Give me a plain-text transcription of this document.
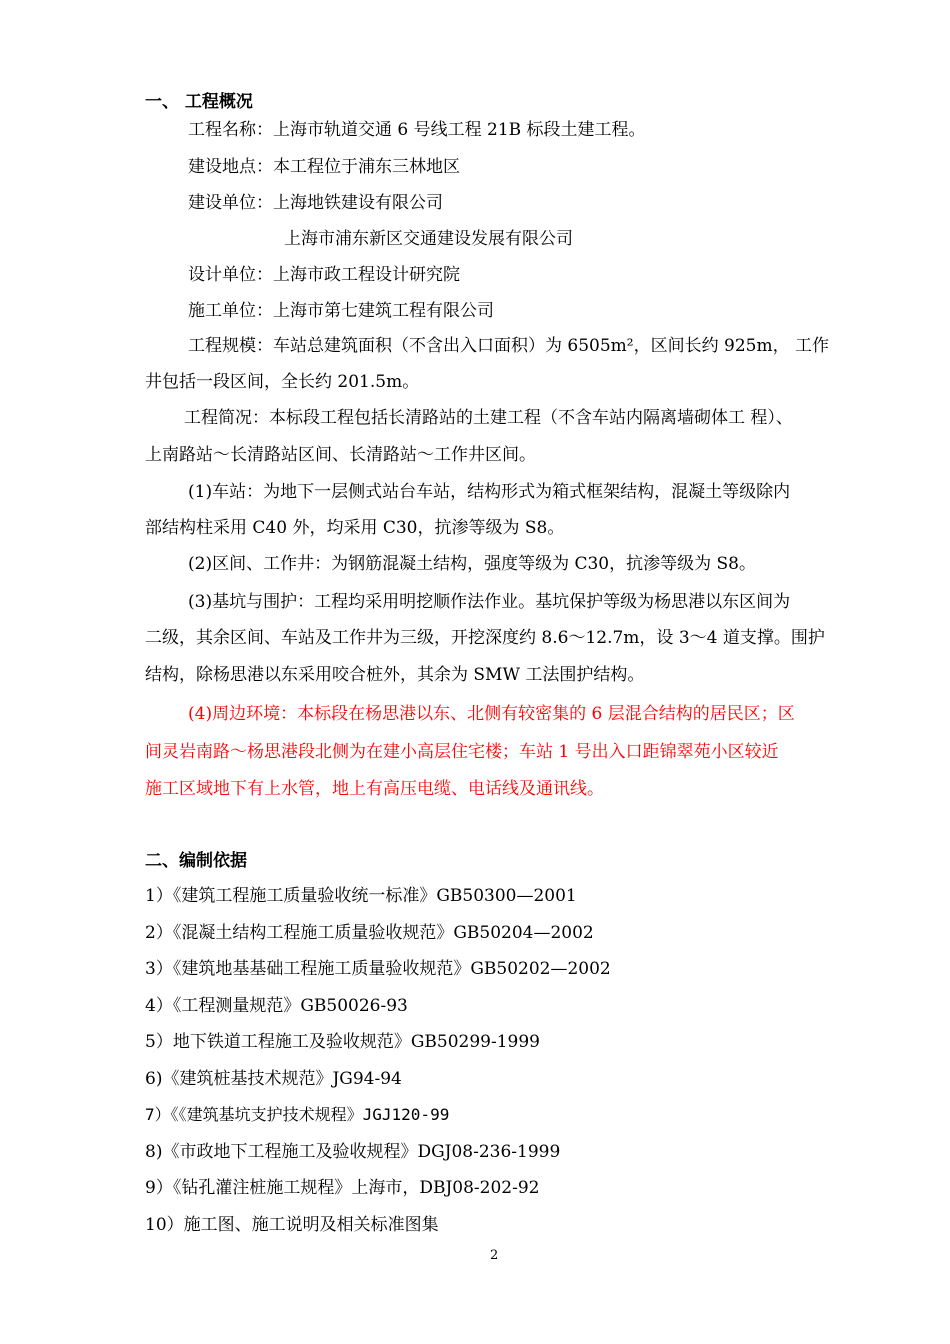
一、 工程概况
工程名称：上海市轨道交通 6 号线工程 21B 标段土建工程。
建设地点：本工程位于浦东三林地区
建设单位：上海地铁建设有限公司
上海市浦东新区交通建设发展有限公司
设计单位：上海市政工程设计研究院
施工单位：上海市第七建筑工程有限公司
工程规模：车站总建筑面积（不含出入口面积）为 6505m²，区间长约 925m， 工作
井包括一段区间，全长约 201.5m。
工程简况：本标段工程包括长清路站的土建工程（不含车站内隔离墙砌体工 程）、
上南路站～长清路站区间、长清路站～工作井区间。
(1)车站：为地下一层侧式站台车站，结构形式为箱式框架结构，混凝土等级除内
部结构柱采用 C40 外，均采用 C30，抗渗等级为 S8。
(2)区间、工作井：为钢筋混凝土结构，强度等级为 C30，抗渗等级为 S8。
(3)基坑与围护：工程均采用明挖顺作法作业。基坑保护等级为杨思港以东区间为
二级，其余区间、车站及工作井为三级，开挖深度约 8.6～12.7m，设 3～4 道支撑。围护
结构，除杨思港以东采用咬合桩外，其余为 SMW 工法围护结构。
(4)周边环境：本标段在杨思港以东、北侧有较密集的 6 层混合结构的居民区；区
间灵岩南路～杨思港段北侧为在建小高层住宅楼；车站 1 号出入口距锦翠苑小区较近
施工区域地下有上水管，地上有高压电缆、电话线及通讯线。
二、编制依据
1）《建筑工程施工质量验收统一标准》GB50300—2001
2）《混凝土结构工程施工质量验收规范》GB50204—2002
3）《建筑地基基础工程施工质量验收规范》GB50202—2002
4）《工程测量规范》GB50026-93
5）地下铁道工程施工及验收规范》GB50299-1999
6)《建筑桩基技术规范》JG94-94
7）《《建筑基坑支护技术规程》JGJ120-99
8)《市政地下工程施工及验收规程》DGJ08-236-1999
9）《钻孔灌注桩施工规程》上海市，DBJ08-202-92
10）施工图、施工说明及相关标准图集
2
